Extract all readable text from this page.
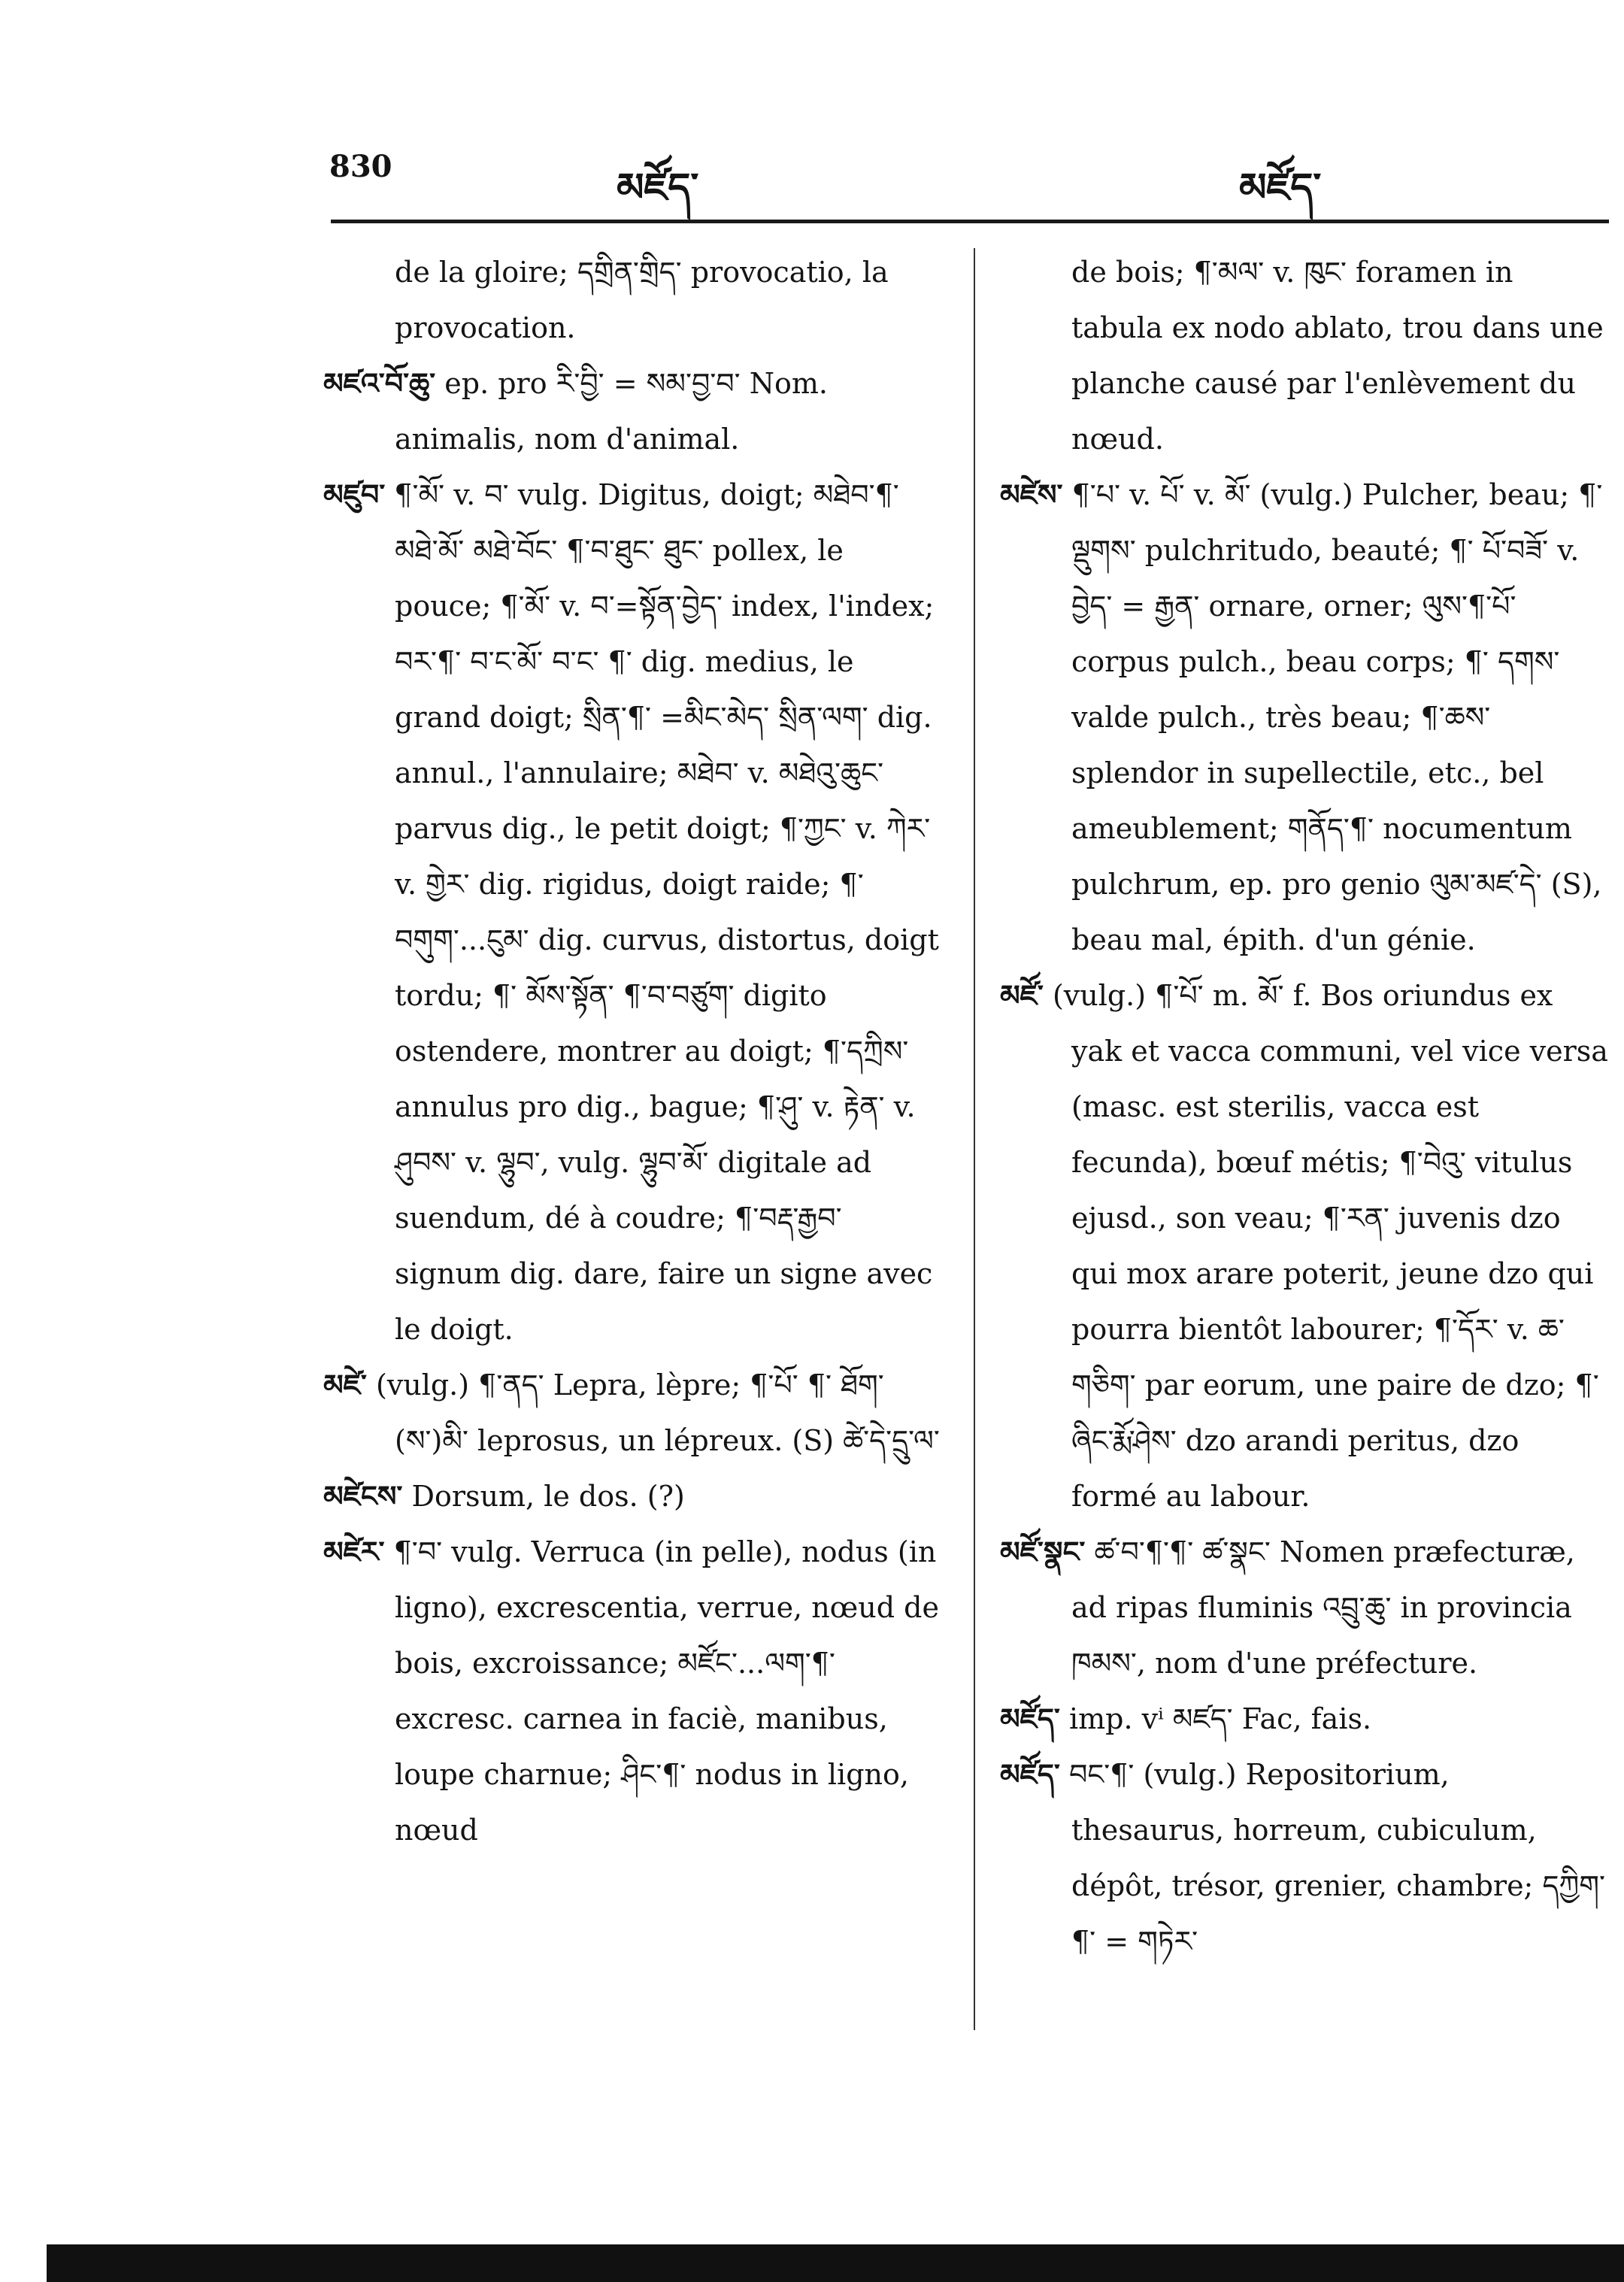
830	མཛོད་	མཛོད་

de la gloire; དགྲིན་གྲིད་ provocatio, la provocation.

མཛའ་བོ་ཆུ་ ep. pro རི་བྱི་ = སམ་བྱ་བ་ Nom. animalis, nom d'animal.

མཛུབ་ ¶་མོ་ v. བ་ vulg. Digitus, doigt; མཐེབ་¶་ མཐེ་མོ་ མཐེ་བོང་ ¶་བ་ཐུང་ ཐུང་ pollex, le pouce; ¶་མོ་ v. བ་=སྟོན་བྱེད་ index, l'index; བར་¶་ བ་ང་མོ་ བ་ང་ ¶་ dig. medius, le grand doigt; སྲིན་¶་ =མིང་མེད་ སྲིན་ལག་ dig. annul., l'annulaire; མཐེབ་ v. མཐེའུ་ཆུང་ parvus dig., le petit doigt; ¶་ཀྱང་ v. ཀེར་ v. གྱེར་ dig. rigidus, doigt raide; ¶་བགུག་...ངུམ་ dig. curvus, distortus, doigt tordu; ¶་ མོས་སྟོན་ ¶་བ་བཙུག་ digito ostendere, montrer au doigt; ¶་དཀྲིས་ annulus pro dig., bague; ¶་ཤུ་ v. རྟེན་ v. ཤུབས་ v. ལྷུབ་, vulg. ལྷུབ་མོ་ digitale ad suendum, dé à coudre; ¶་བརྡ་རྒྱབ་ signum dig. dare, faire un signe avec le doigt.

མཛེ་ (vulg.) ¶་ནད་ Lepra, lèpre; ¶་པོ་ ¶་ ཐོག་(ས་)མི་ leprosus, un lépreux. (S) ཚེ་དེ་དྲུ་ལ་

མཛེངས་ Dorsum, le dos. (?)

མཛེར་ ¶་བ་ vulg. Verruca (in pelle), nodus (in ligno), excrescentia, verrue, nœud de bois, excroissance; མཛོང་...ལག་¶་ excresc. carnea in faciè, manibus, loupe charnue; ཤིང་¶་ nodus in ligno, nœud

de bois; ¶་མལ་ v. ཁུང་ foramen in tabula ex nodo ablato, trou dans une planche causé par l'enlèvement du nœud.

མཛེས་ ¶་པ་ v. པོ་ v. མོ་ (vulg.) Pulcher, beau; ¶་ལྡུགས་ pulchritudo, beauté; ¶་ པོ་བཟོ་ v. བྱེད་ = རྒྱན་ ornare, orner; ལུས་¶་པོ་ corpus pulch., beau corps; ¶་ དགས་ valde pulch., très beau; ¶་ཆས་ splendor in supellectile, etc., bel ameublement; གནོད་¶་ nocumentum pulchrum, ep. pro genio ལུམ་མཛ་དེ་ (S), beau mal, épith. d'un génie.

མཛོ་ (vulg.) ¶་པོ་ m. མོ་ f. Bos oriundus ex yak et vacca communi, vel vice versa (masc. est sterilis, vacca est fecunda), bœuf métis; ¶་བེའུ་ vitulus ejusd., son veau; ¶་རན་ juvenis dzo qui mox arare poterit, jeune dzo qui pourra bientôt labourer; ¶་དོར་ v. ཆ་གཅིག་ par eorum, une paire de dzo; ¶་ཞིང་རྨོ་ཤེས་ dzo arandi peritus, dzo formé au labour.

མཛོ་སྣང་ ཚ་བ་¶་¶་ ཚ་སྣང་ Nomen præfecturæ, ad ripas fluminis འབྲུ་ཆུ་ in provincia ཁམས་, nom d'une préfecture.

མཛོད་ imp. vⁱ མཛད་ Fac, fais.

མཛོད་ བང་¶་ (vulg.) Repositorium, thesaurus, horreum, cubiculum, dépôt, trésor, grenier, chambre; དཀྱིག་¶་ = གཏེར་
